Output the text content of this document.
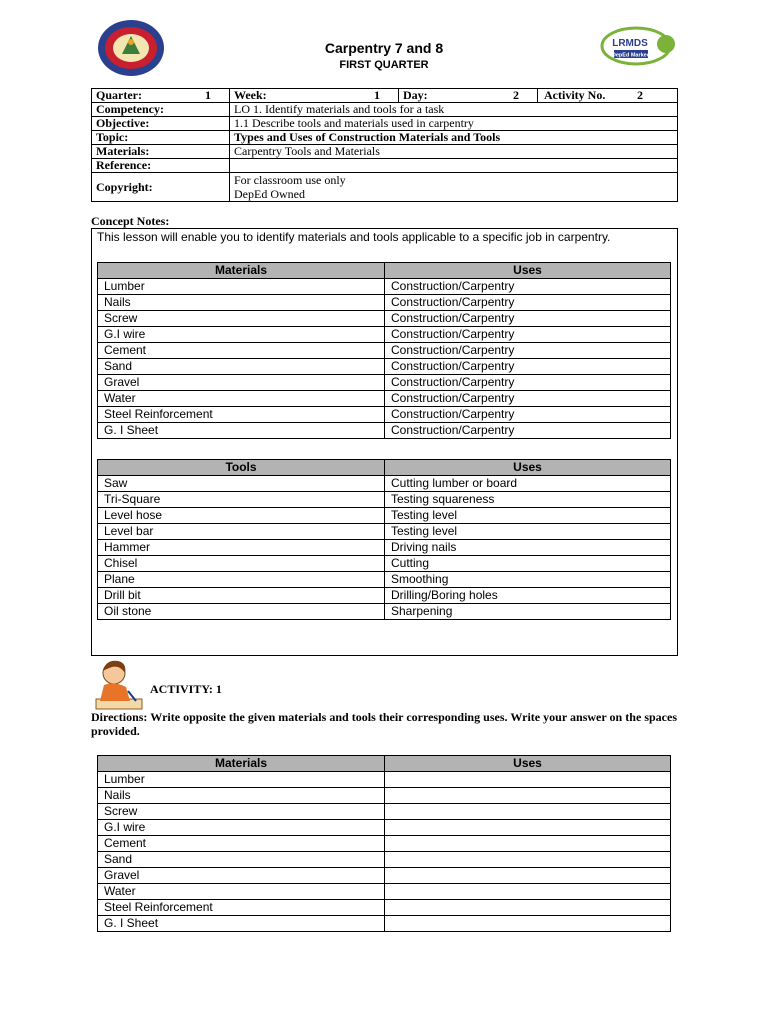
LRMDS
DepEd Marked
Carpentry 7 and 8
FIRST QUARTER
Quarter: 1	Week: 1	Day: 2	Activity No. 2

Competency:	LO 1. Identify materials and tools for a task		
Objective:	1.1 Describe tools and materials used in carpentry		
Topic:	Types and Uses of Construction Materials and Tools		
Materials:	Carpentry Tools and Materials		
Reference:			
Copyright:	For classroom use only
DepEd Owned		
Concept Notes:
This lesson will enable you to identify materials and tools applicable to a specific job in carpentry.
Materials	Uses
Lumber	Construction/Carpentry
Nails	Construction/Carpentry
Screw	Construction/Carpentry
G.I wire	Construction/Carpentry
Cement	Construction/Carpentry
Sand	Construction/Carpentry
Gravel	Construction/Carpentry
Water	Construction/Carpentry
Steel Reinforcement	Construction/Carpentry
G. I Sheet	Construction/Carpentry
Tools	Uses
Saw	Cutting lumber or board
Tri-Square	Testing squareness
Level hose	Testing level
Level bar	Testing level
Hammer	Driving nails
Chisel	Cutting
Plane	Smoothing
Drill bit	Drilling/Boring holes
Oil stone	Sharpening
ACTIVITY: 1
Directions: Write opposite the given materials and tools their corresponding uses. Write your answer on the spaces provided.
Materials	Uses
Lumber	
Nails	
Screw	
G.I wire	
Cement	
Sand	
Gravel	
Water	
Steel Reinforcement	
G. I Sheet	
